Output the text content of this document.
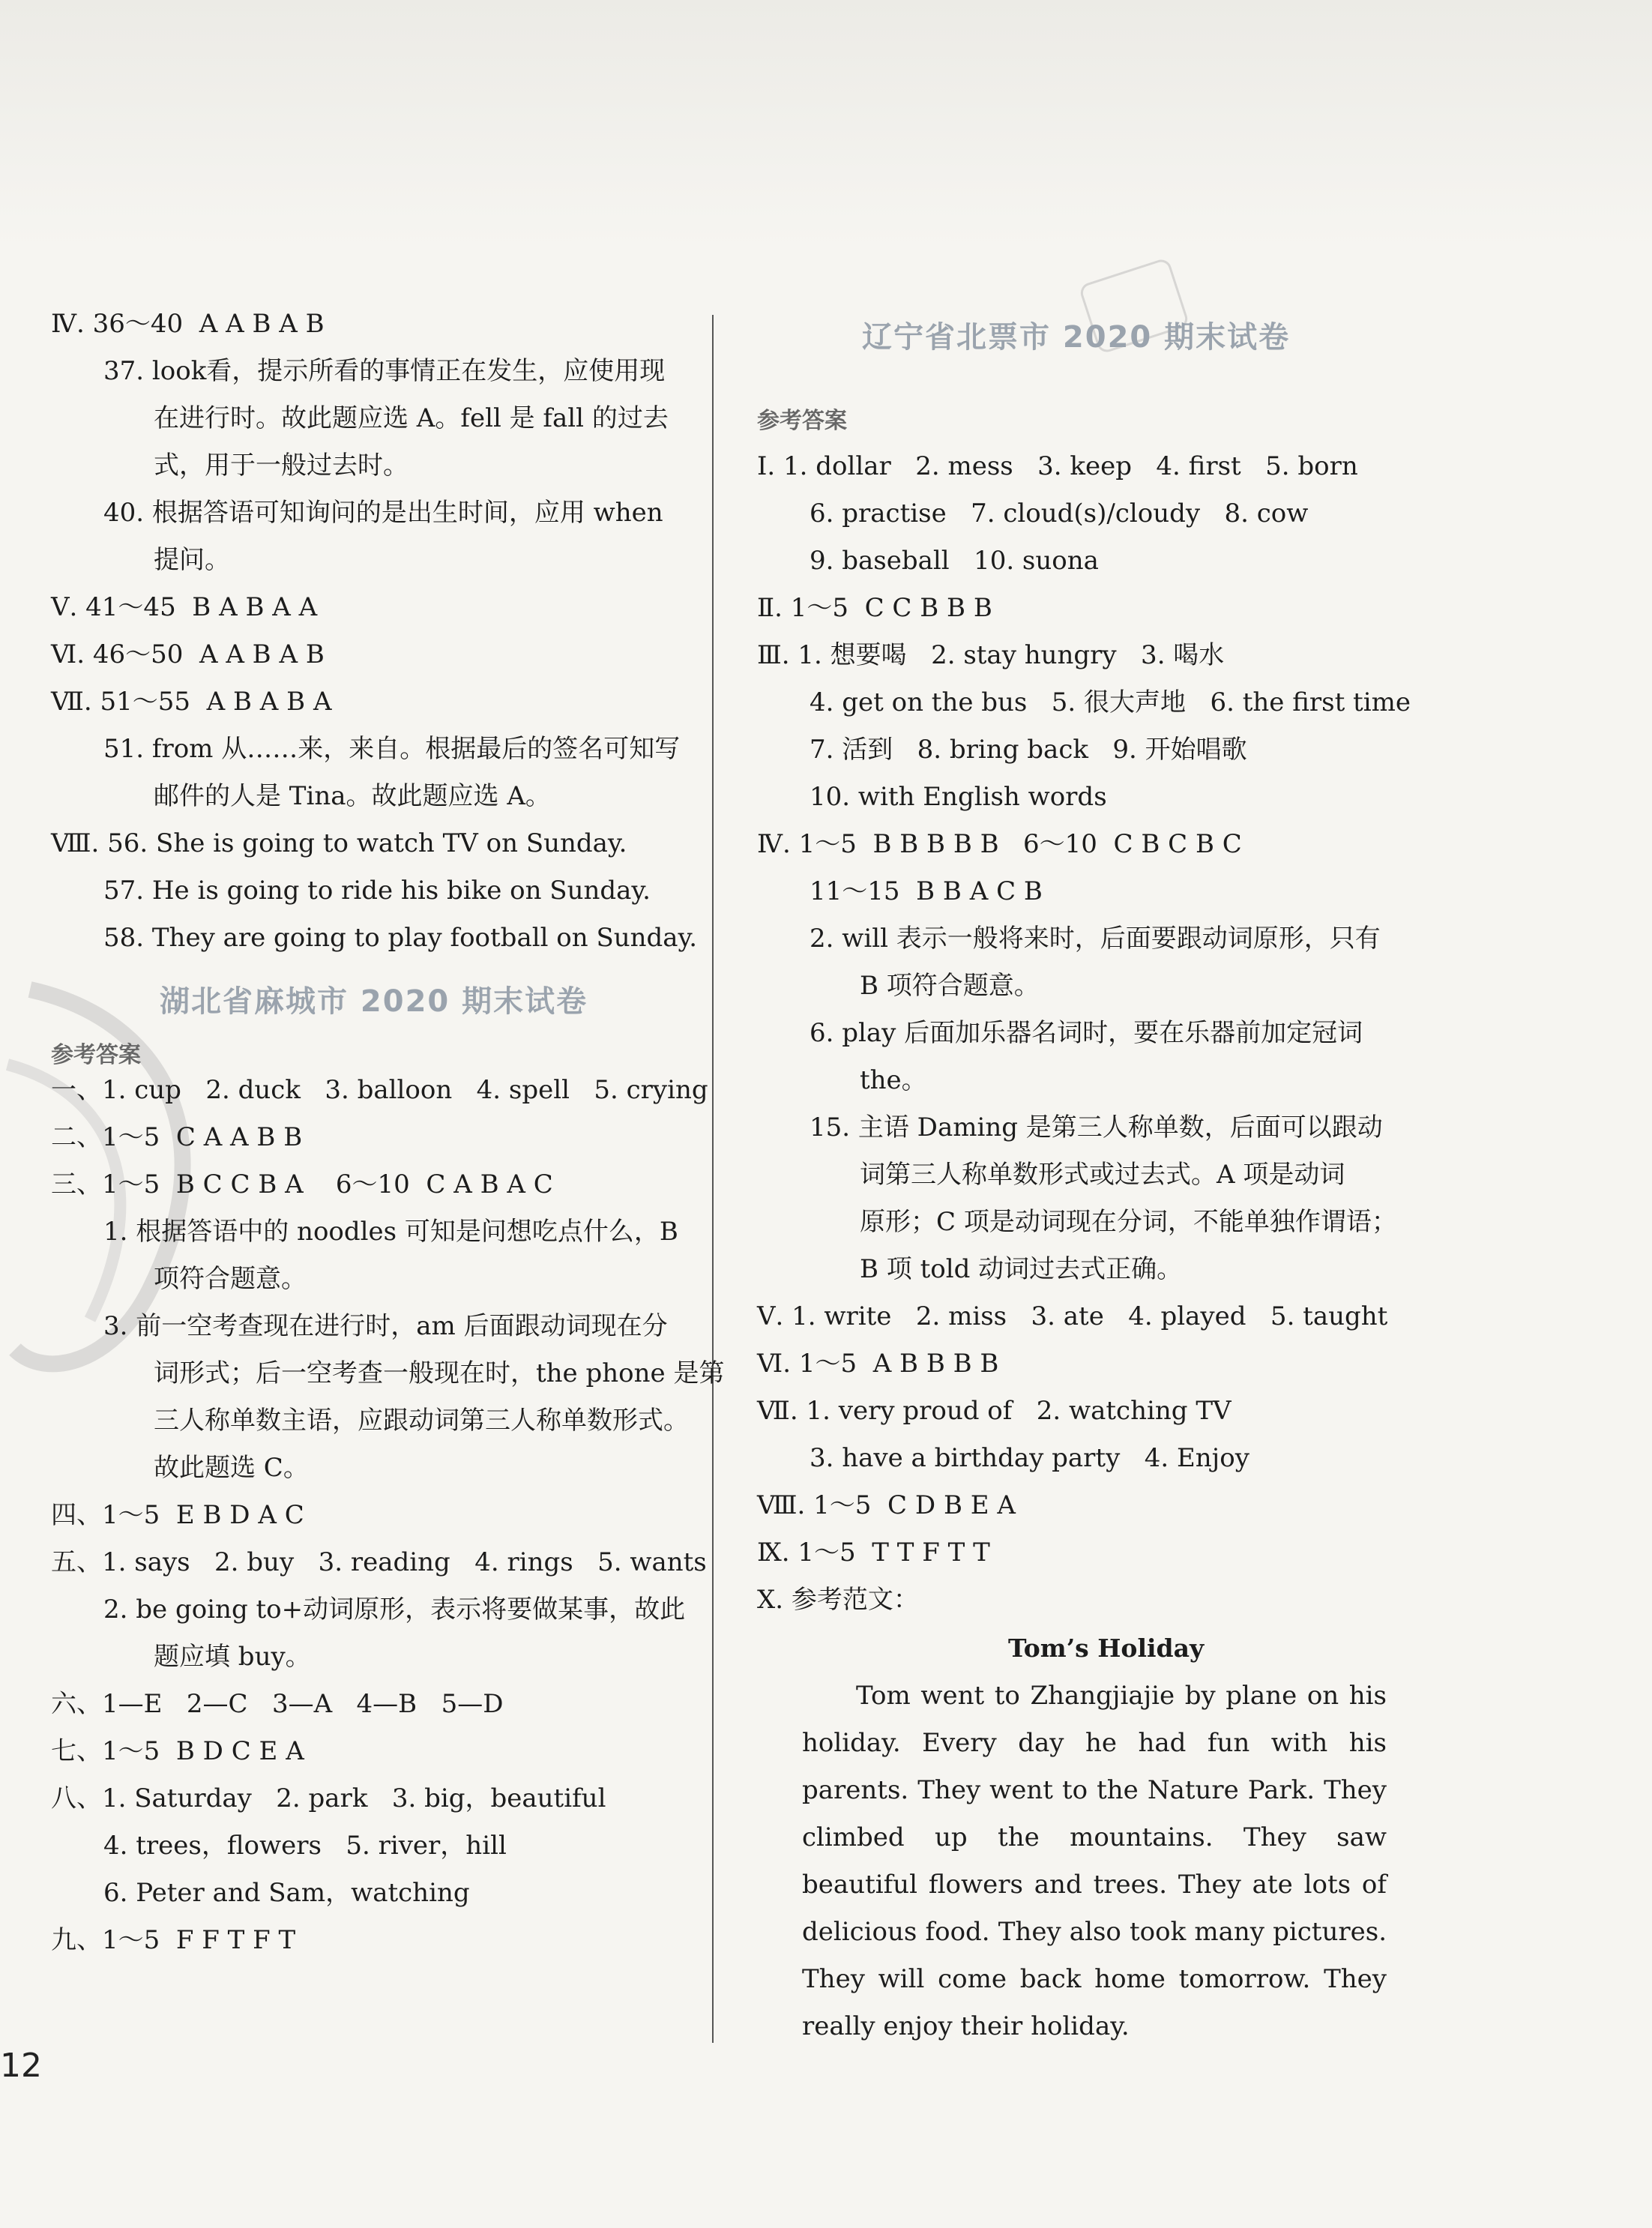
Ⅳ. 36～40  A A B A B
37. look看，提示所看的事情正在发生，应使用现
在进行时。故此题应选 A。fell 是 fall 的过去
式，用于一般过去时。
40. 根据答语可知询问的是出生时间，应用 when
提问。
Ⅴ. 41～45  B A B A A
Ⅵ. 46～50  A A B A B
Ⅶ. 51～55  A B A B A
51. from 从……来，来自。根据最后的签名可知写
邮件的人是 Tina。故此题应选 A。
Ⅷ. 56. She is going to watch TV on Sunday.
57. He is going to ride his bike on Sunday.
58. They are going to play football on Sunday.
湖北省麻城市 2020 期末试卷
参考答案
一、1. cup   2. duck   3. balloon   4. spell   5. crying
二、1～5  C A A B B
三、1～5  B C C B A    6～10  C A B A C
1. 根据答语中的 noodles 可知是问想吃点什么，B
项符合题意。
3. 前一空考查现在进行时，am 后面跟动词现在分
词形式；后一空考查一般现在时，the phone 是第
三人称单数主语，应跟动词第三人称单数形式。
故此题选 C。
四、1～5  E B D A C
五、1. says   2. buy   3. reading   4. rings   5. wants
2. be going to+动词原形，表示将要做某事，故此
题应填 buy。
六、1—E   2—C   3—A   4—B   5—D
七、1～5  B D C E A
八、1. Saturday   2. park   3. big，beautiful
4. trees，flowers   5. river，hill
6. Peter and Sam，watching
九、1～5  F F T F T
辽宁省北票市 2020 期末试卷
参考答案
Ⅰ. 1. dollar   2. mess   3. keep   4. first   5. born
6. practise   7. cloud(s)/cloudy   8. cow
9. baseball   10. suona
Ⅱ. 1～5  C C B B B
Ⅲ. 1. 想要喝   2. stay hungry   3. 喝水
4. get on the bus   5. 很大声地   6. the first time
7. 活到   8. bring back   9. 开始唱歌
10. with English words
Ⅳ. 1～5  B B B B B   6～10  C B C B C
11～15  B B A C B
2. will 表示一般将来时，后面要跟动词原形，只有
B 项符合题意。
6. play 后面加乐器名词时，要在乐器前加定冠词
the。
15. 主语 Daming 是第三人称单数，后面可以跟动
词第三人称单数形式或过去式。A 项是动词
原形；C 项是动词现在分词，不能单独作谓语；
B 项 told 动词过去式正确。
Ⅴ. 1. write   2. miss   3. ate   4. played   5. taught
Ⅵ. 1～5  A B B B B
Ⅶ. 1. very proud of   2. watching TV
3. have a birthday party   4. Enjoy
Ⅷ. 1～5  C D B E A
Ⅸ. 1～5  T T F T T
Ⅹ. 参考范文：
Tom’s Holiday
Tom went to Zhangjiajie by plane on his holiday. Every day he had fun with his parents. They went to the Nature Park. They climbed up the mountains. They saw beautiful flowers and trees. They ate lots of delicious food. They also took many pictures. They will come back home tomorrow. They really enjoy their holiday.
12
